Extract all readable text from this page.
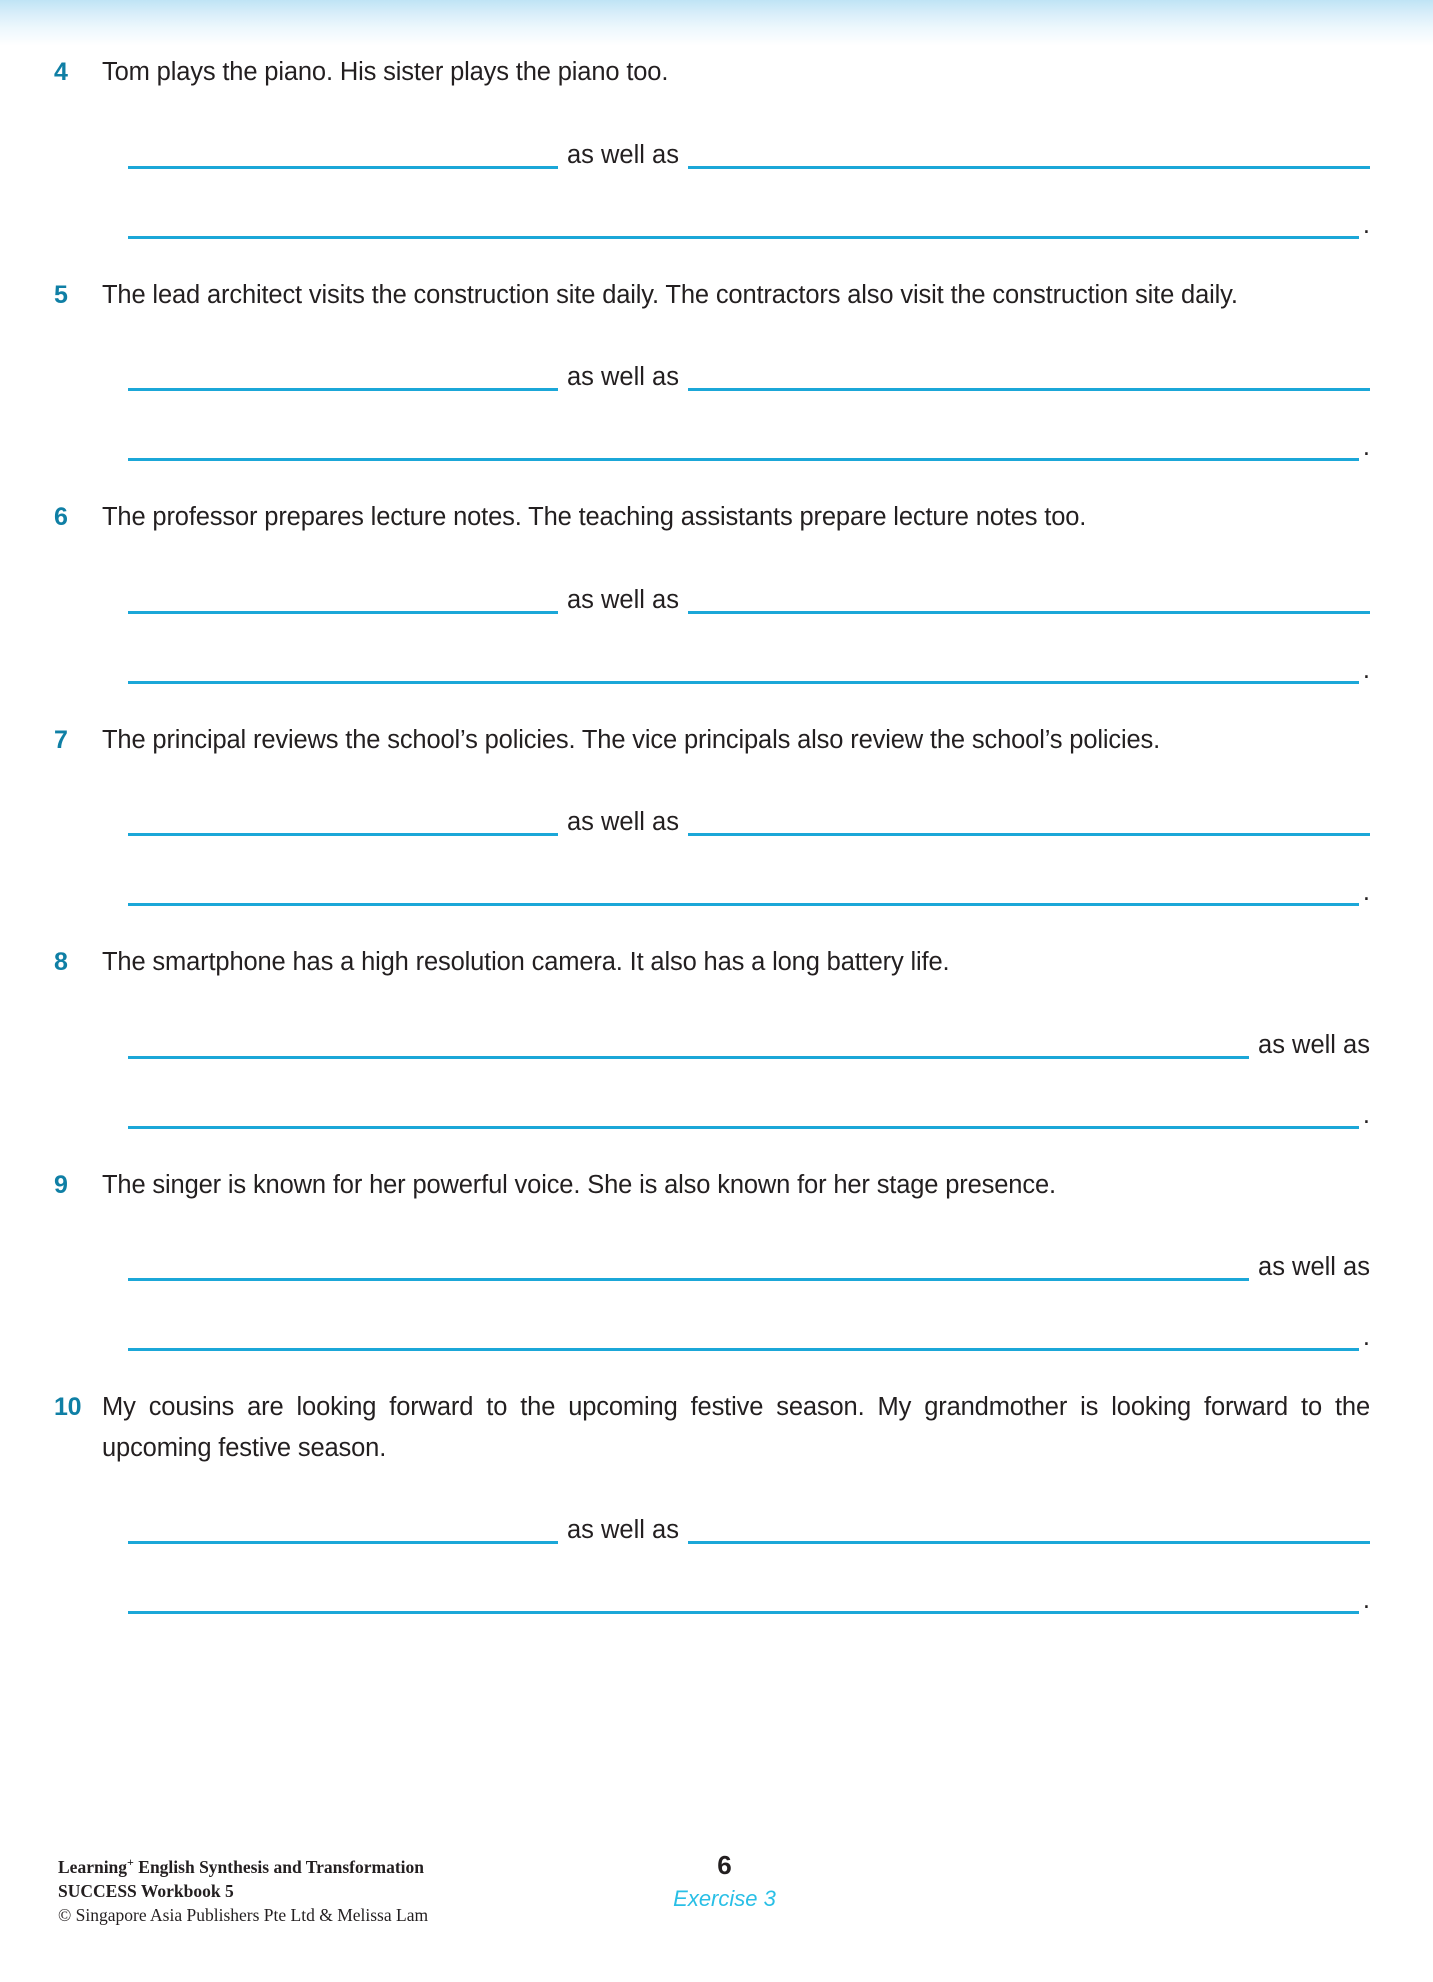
4	Tom plays the piano. His sister plays the piano too.
as well as
.
5	The lead architect visits the construction site daily. The contractors also visit the construction site daily.
as well as
.
6	The professor prepares lecture notes. The teaching assistants prepare lecture notes too.
as well as
.
7	The principal reviews the school’s policies. The vice principals also review the school’s policies.
as well as
.
8	The smartphone has a high resolution camera. It also has a long battery life.
as well as
.
9	The singer is known for her powerful voice. She is also known for her stage presence.
as well as
.
10 My cousins are looking forward to the upcoming festive season. My grandmother is looking forward to the upcoming festive season.
as well as
.
Learning+ English Synthesis and Transformation
SUCCESS Workbook 5
© Singapore Asia Publishers Pte Ltd & Melissa Lam
6
Exercise 3
